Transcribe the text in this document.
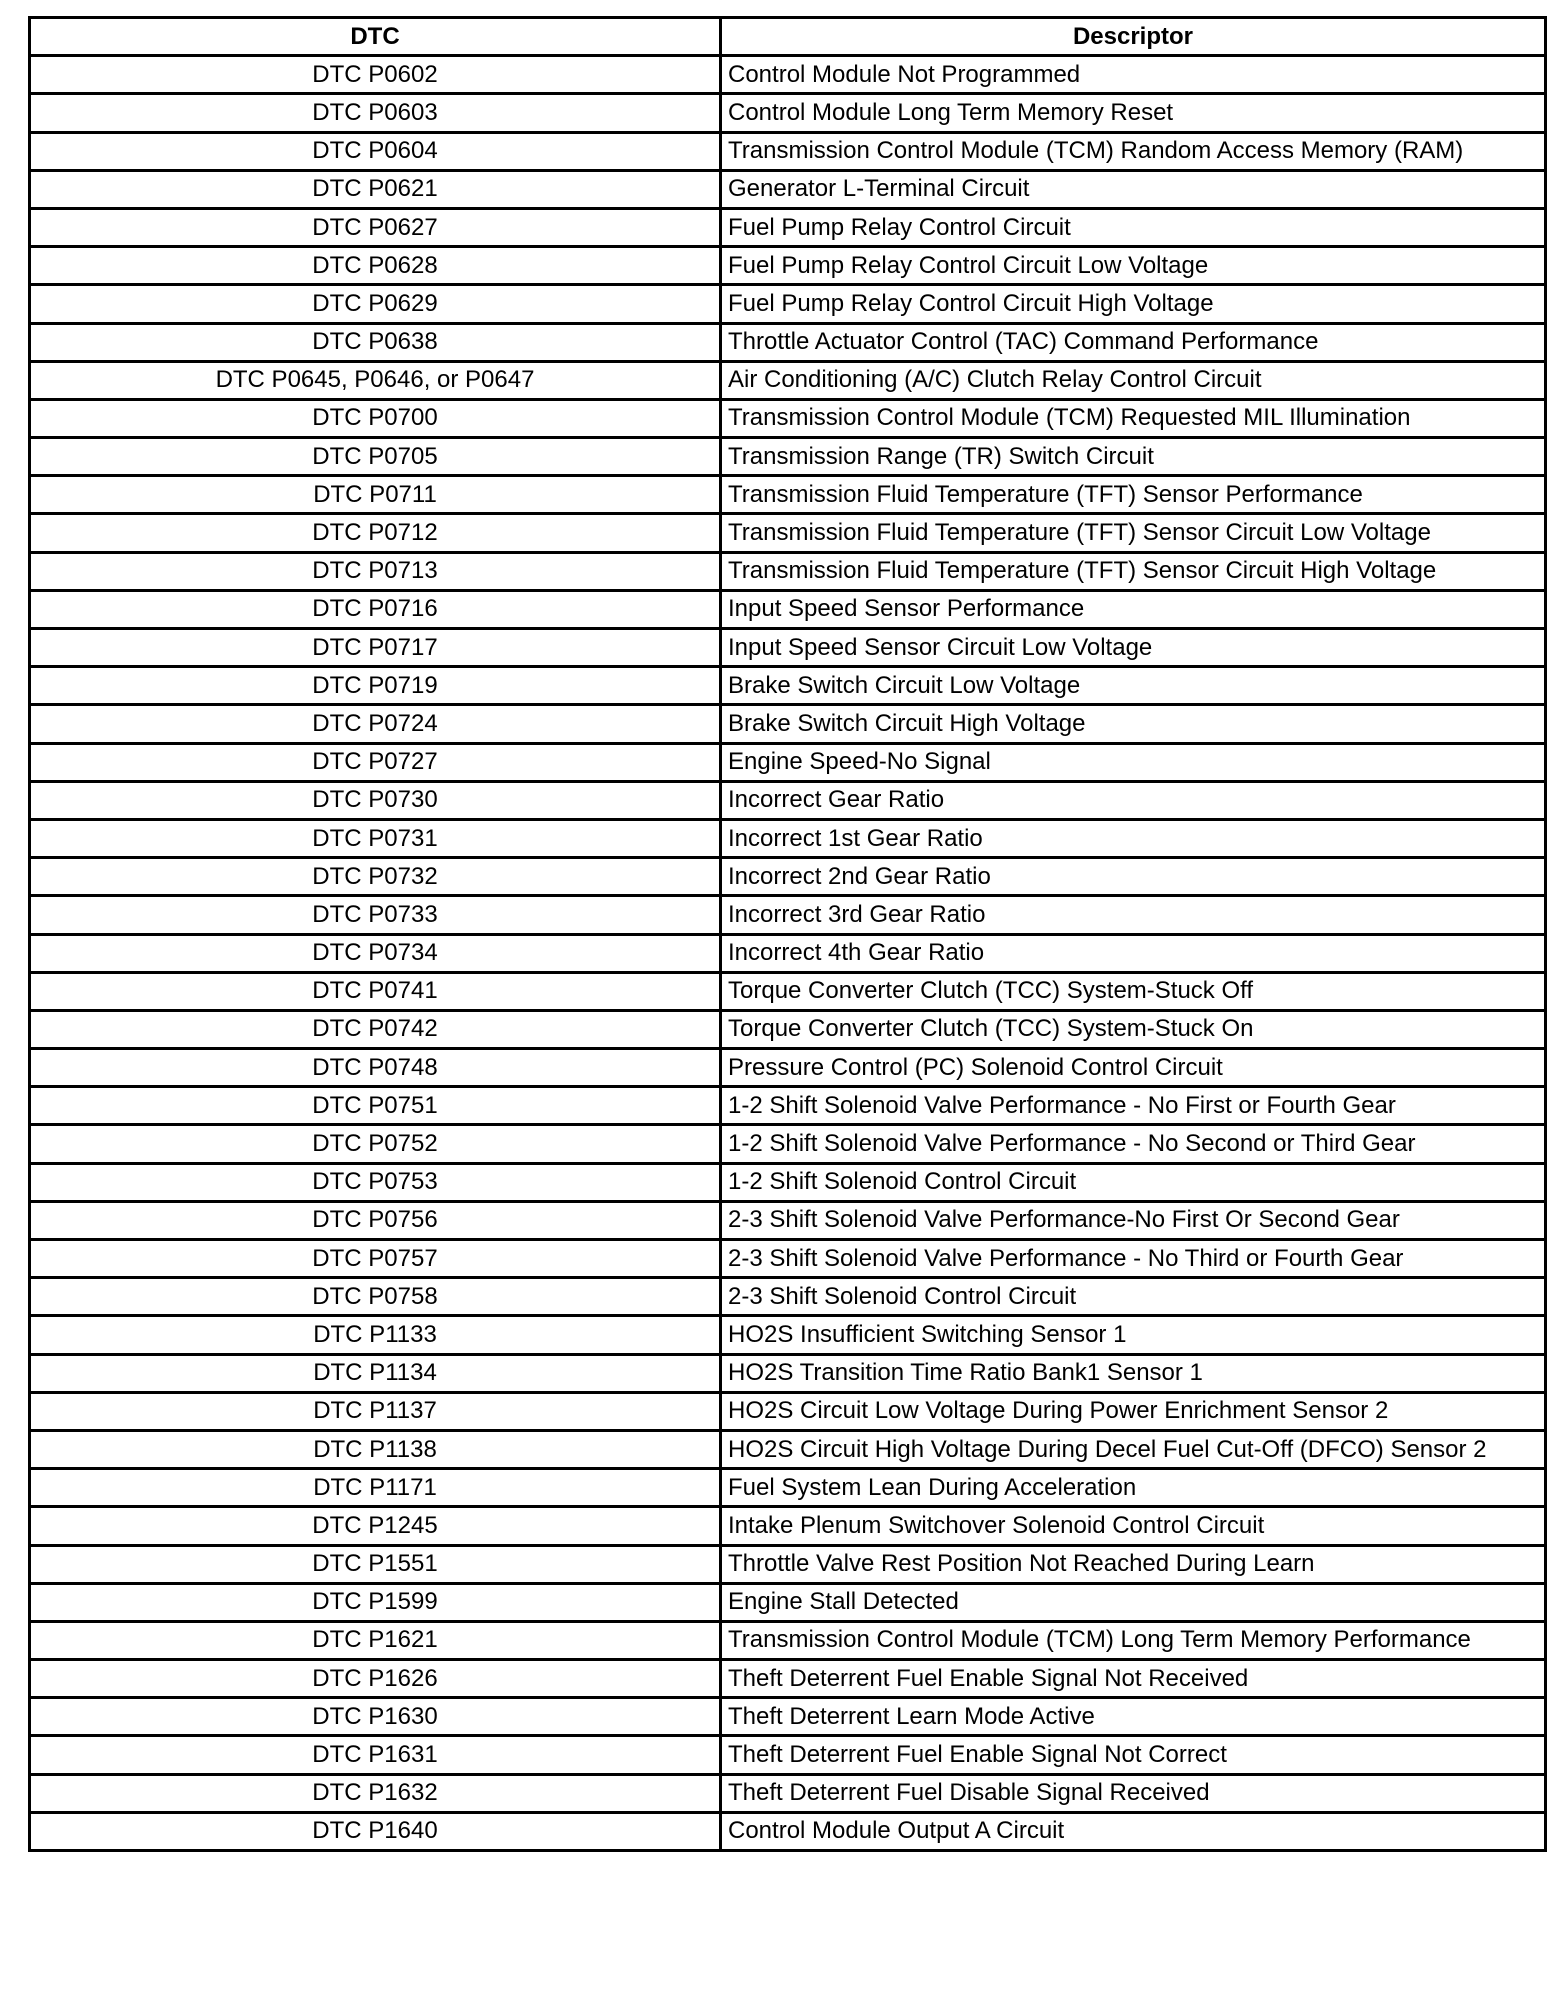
DTC	Descriptor
DTC P0602	Control Module Not Programmed
DTC P0603	Control Module Long Term Memory Reset
DTC P0604	Transmission Control Module (TCM) Random Access Memory (RAM)
DTC P0621	Generator L-Terminal Circuit
DTC P0627	Fuel Pump Relay Control Circuit
DTC P0628	Fuel Pump Relay Control Circuit Low Voltage
DTC P0629	Fuel Pump Relay Control Circuit High Voltage
DTC P0638	Throttle Actuator Control (TAC) Command Performance
DTC P0645, P0646, or P0647	Air Conditioning (A/C) Clutch Relay Control Circuit
DTC P0700	Transmission Control Module (TCM) Requested MIL Illumination
DTC P0705	Transmission Range (TR) Switch Circuit
DTC P0711	Transmission Fluid Temperature (TFT) Sensor Performance
DTC P0712	Transmission Fluid Temperature (TFT) Sensor Circuit Low Voltage
DTC P0713	Transmission Fluid Temperature (TFT) Sensor Circuit High Voltage
DTC P0716	Input Speed Sensor Performance
DTC P0717	Input Speed Sensor Circuit Low Voltage
DTC P0719	Brake Switch Circuit Low Voltage
DTC P0724	Brake Switch Circuit High Voltage
DTC P0727	Engine Speed-No Signal
DTC P0730	Incorrect Gear Ratio
DTC P0731	Incorrect 1st Gear Ratio
DTC P0732	Incorrect 2nd Gear Ratio
DTC P0733	Incorrect 3rd Gear Ratio
DTC P0734	Incorrect 4th Gear Ratio
DTC P0741	Torque Converter Clutch (TCC) System-Stuck Off
DTC P0742	Torque Converter Clutch (TCC) System-Stuck On
DTC P0748	Pressure Control (PC) Solenoid Control Circuit
DTC P0751	1-2 Shift Solenoid Valve Performance - No First or Fourth Gear
DTC P0752	1-2 Shift Solenoid Valve Performance - No Second or Third Gear
DTC P0753	1-2 Shift Solenoid Control Circuit
DTC P0756	2-3 Shift Solenoid Valve Performance-No First Or Second Gear
DTC P0757	2-3 Shift Solenoid Valve Performance - No Third or Fourth Gear
DTC P0758	2-3 Shift Solenoid Control Circuit
DTC P1133	HO2S Insufficient Switching Sensor 1
DTC P1134	HO2S Transition Time Ratio Bank1 Sensor 1
DTC P1137	HO2S Circuit Low Voltage During Power Enrichment Sensor 2
DTC P1138	HO2S Circuit High Voltage During Decel Fuel Cut-Off (DFCO) Sensor 2
DTC P1171	Fuel System Lean During Acceleration
DTC P1245	Intake Plenum Switchover Solenoid Control Circuit
DTC P1551	Throttle Valve Rest Position Not Reached During Learn
DTC P1599	Engine Stall Detected
DTC P1621	Transmission Control Module (TCM) Long Term Memory Performance
DTC P1626	Theft Deterrent Fuel Enable Signal Not Received
DTC P1630	Theft Deterrent Learn Mode Active
DTC P1631	Theft Deterrent Fuel Enable Signal Not Correct
DTC P1632	Theft Deterrent Fuel Disable Signal Received
DTC P1640	Control Module Output A Circuit
